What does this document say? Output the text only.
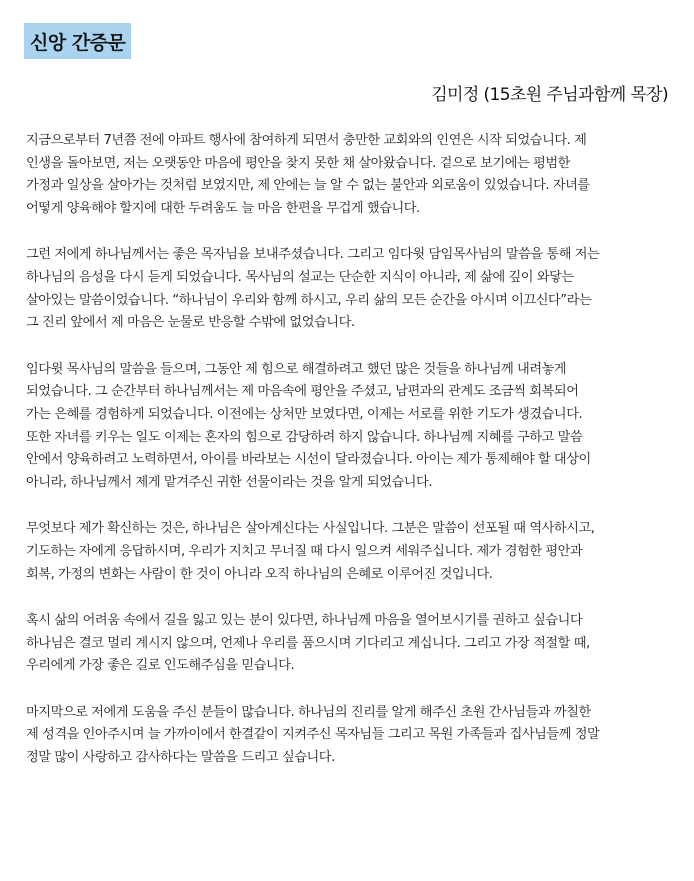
신앙 간증문
김미정 (15초원 주님과함께 목장)
지금으로부터 7년쯤 전에 아파트 행사에 참여하게 되면서 충만한 교회와의 인연은 시작 되었습니다. 제
인생을 돌아보면, 저는 오랫동안 마음에 평안을 찾지 못한 채 살아왔습니다. 겉으로 보기에는 평범한
가정과 일상을 살아가는 것처럼 보였지만, 제 안에는 늘 알 수 없는 불안과 외로움이 있었습니다. 자녀를
어떻게 양육해야 할지에 대한 두려움도 늘 마음 한편을 무겁게 했습니다.
그런 저에게 하나님께서는 좋은 목자님을 보내주셨습니다. 그리고 임다윗 담임목사님의 말씀을 통해 저는
하나님의 음성을 다시 듣게 되었습니다. 목사님의 설교는 단순한 지식이 아니라, 제 삶에 깊이 와닿는
살아있는 말씀이었습니다. “하나님이 우리와 함께 하시고, 우리 삶의 모든 순간을 아시며 이끄신다”라는
그 진리 앞에서 제 마음은 눈물로 반응할 수밖에 없었습니다.
임다윗 목사님의 말씀을 들으며, 그동안 제 힘으로 해결하려고 했던 많은 것들을 하나님께 내려놓게
되었습니다. 그 순간부터 하나님께서는 제 마음속에 평안을 주셨고, 남편과의 관계도 조금씩 회복되어
가는 은혜를 경험하게 되었습니다. 이전에는 상처만 보였다면, 이제는 서로를 위한 기도가 생겼습니다.
또한 자녀를 키우는 일도 이제는 혼자의 힘으로 감당하려 하지 않습니다. 하나님께 지혜를 구하고 말씀
안에서 양육하려고 노력하면서, 아이를 바라보는 시선이 달라졌습니다. 아이는 제가 통제해야 할 대상이
아니라, 하나님께서 제게 맡겨주신 귀한 선물이라는 것을 알게 되었습니다.
무엇보다 제가 확신하는 것은, 하나님은 살아계신다는 사실입니다. 그분은 말씀이 선포될 때 역사하시고,
기도하는 자에게 응답하시며, 우리가 지치고 무너질 때 다시 일으켜 세워주십니다. 제가 경험한 평안과
회복, 가정의 변화는 사람이 한 것이 아니라 오직 하나님의 은혜로 이루어진 것입니다.
혹시 삶의 어려움 속에서 길을 잃고 있는 분이 있다면, 하나님께 마음을 열어보시기를 권하고 싶습니다
하나님은 결코 멀리 계시지 않으며, 언제나 우리를 품으시며 기다리고 계십니다. 그리고 가장 적절할 때,
우리에게 가장 좋은 길로 인도해주심을 믿습니다.
마지막으로 저에게 도움을 주신 분들이 많습니다. 하나님의 진리를 알게 해주신 초원 간사님들과 까칠한
제 성격을 인아주시며 늘 가까이에서 한결같이 지켜주신 목자님들 그리고 목원 가족들과 집사님들께 정말
정말 많이 사랑하고 감사하다는 말씀을 드리고 싶습니다.
